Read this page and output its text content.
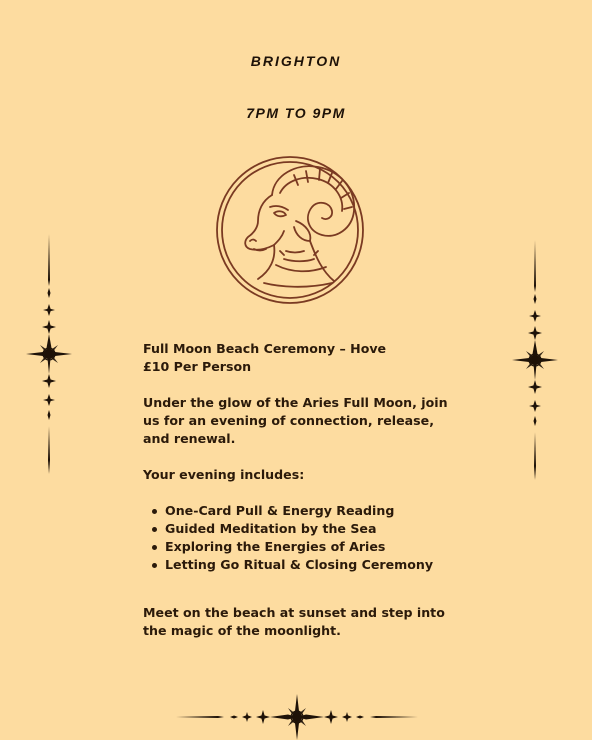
BRIGHTON
7PM TO 9PM

Full Moon Beach Ceremony – Hove

£10 Per Person

Under the glow of the Aries Full Moon, join us for an evening of connection, release, and renewal.

Your evening includes:

One-Card Pull & Energy Reading
Guided Meditation by the Sea
Exploring the Energies of Aries
Letting Go Ritual & Closing Ceremony

Meet on the beach at sunset and step into the magic of the moonlight.
